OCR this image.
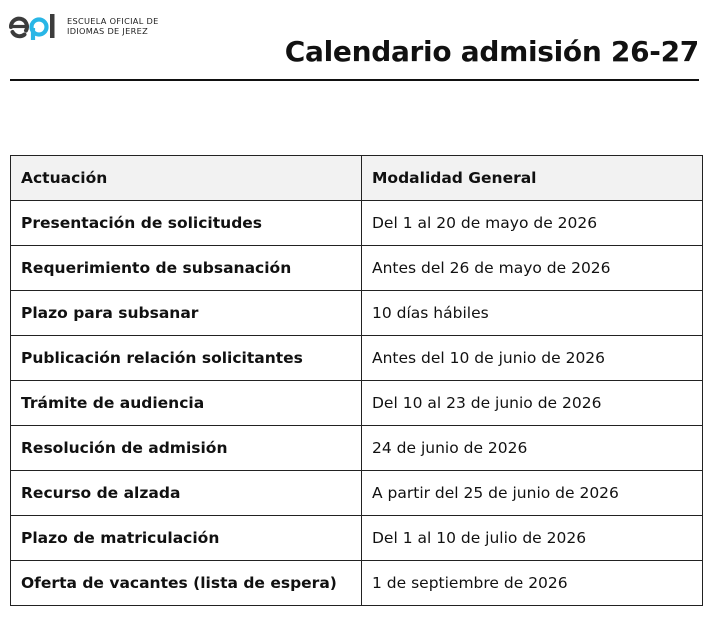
ESCUELA OFICIAL DE
IDIOMAS DE JEREZ
Calendario admisión 26-27
Actuación	Modalidad General
Presentación de solicitudes	Del 1 al 20 de mayo de 2026
Requerimiento de subsanación	Antes del 26 de mayo de 2026
Plazo para subsanar	10 días hábiles
Publicación relación solicitantes	Antes del 10 de junio de 2026
Trámite de audiencia	Del 10 al 23 de junio de 2026
Resolución de admisión	24 de junio de 2026
Recurso de alzada	A partir del 25 de junio de 2026
Plazo de matriculación	Del 1 al 10 de julio de 2026
Oferta de vacantes (lista de espera)	1 de septiembre de 2026
